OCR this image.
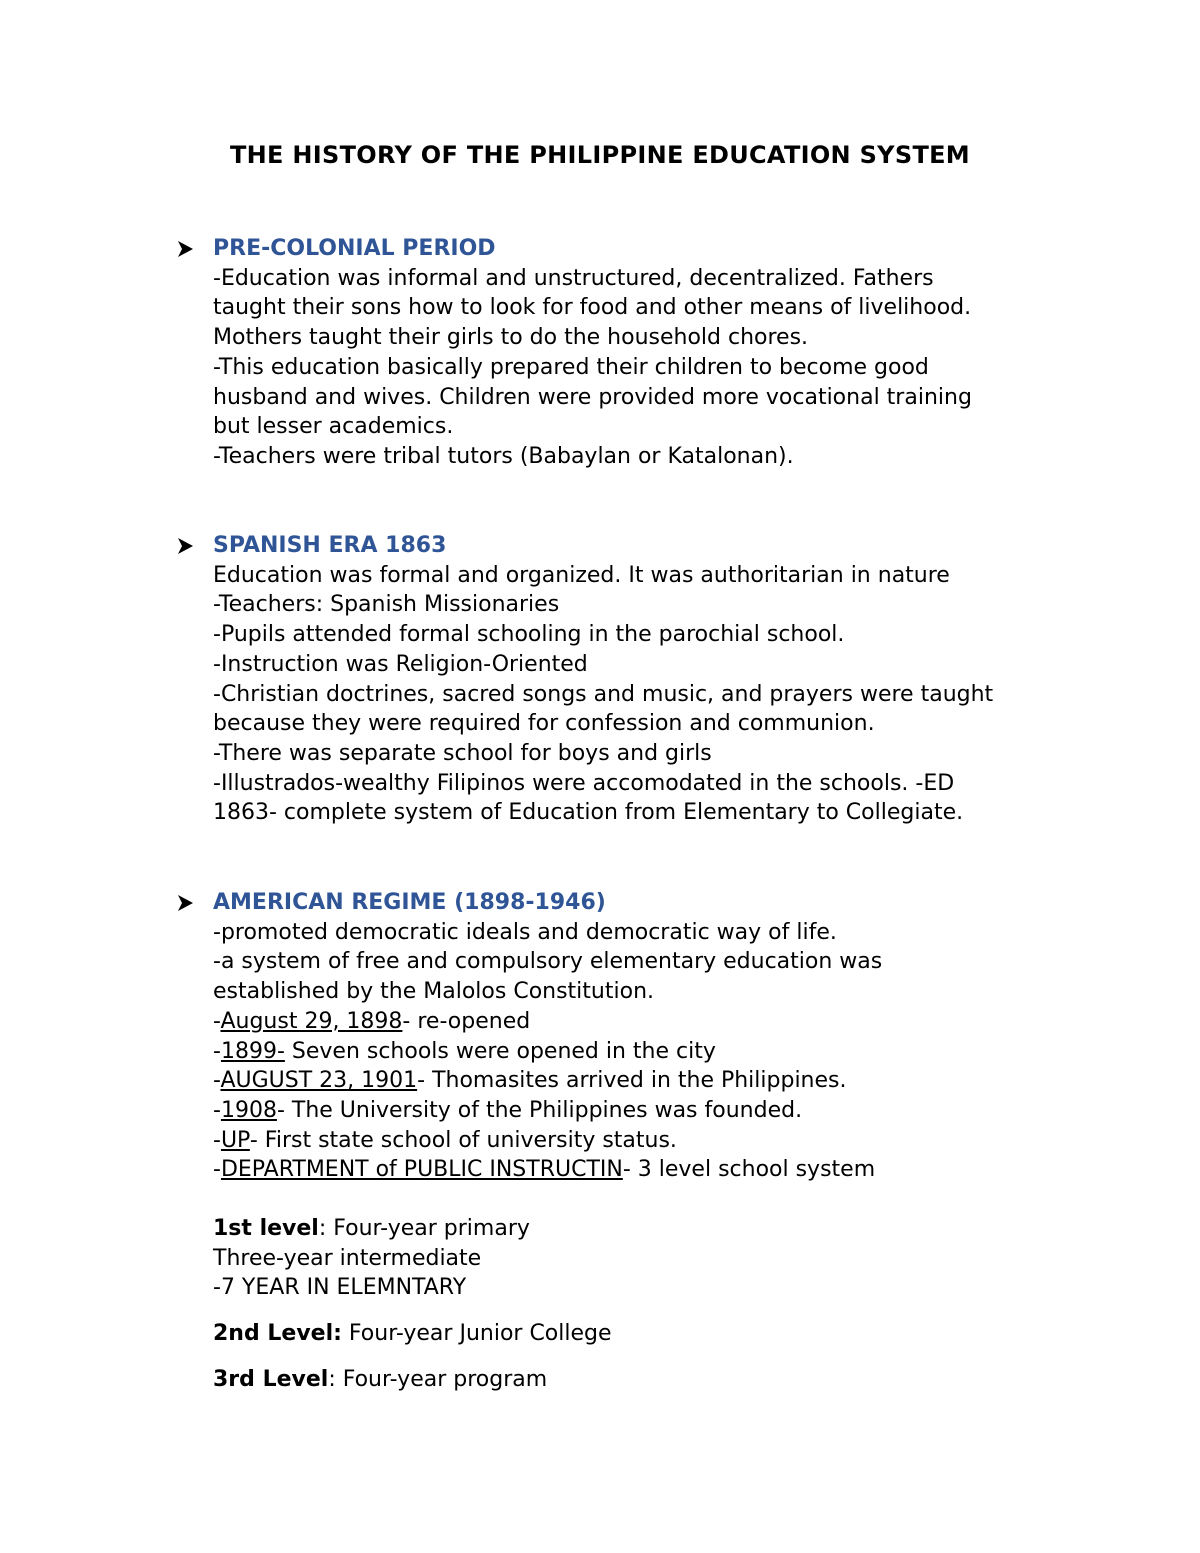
THE HISTORY OF THE PHILIPPINE EDUCATION SYSTEM
PRE-COLONIAL PERIOD
-Education was informal and unstructured, decentralized. Fathers
taught their sons how to look for food and other means of livelihood.
Mothers taught their girls to do the household chores.
-This education basically prepared their children to become good
husband and wives. Children were provided more vocational training
but lesser academics.
-Teachers were tribal tutors (Babaylan or Katalonan).
SPANISH ERA 1863
Education was formal and organized. It was authoritarian in nature
-Teachers: Spanish Missionaries
-Pupils attended formal schooling in the parochial school.
-Instruction was Religion-Oriented
-Christian doctrines, sacred songs and music, and prayers were taught
because they were required for confession and communion.
-There was separate school for boys and girls
-Illustrados-wealthy Filipinos were accomodated in the schools. -ED
1863- complete system of Education from Elementary to Collegiate.
AMERICAN REGIME (1898-1946)
-promoted democratic ideals and democratic way of life.
-a system of free and compulsory elementary education was
established by the Malolos Constitution.
-August 29, 1898- re-opened
-1899- Seven schools were opened in the city
-AUGUST 23, 1901- Thomasites arrived in the Philippines.
-1908- The University of the Philippines was founded.
-UP- First state school of university status.
-DEPARTMENT of PUBLIC INSTRUCTIN- 3 level school system
1st level: Four-year primary
Three-year intermediate
-7 YEAR IN ELEMNTARY
2nd Level: Four-year Junior College
3rd Level: Four-year program
